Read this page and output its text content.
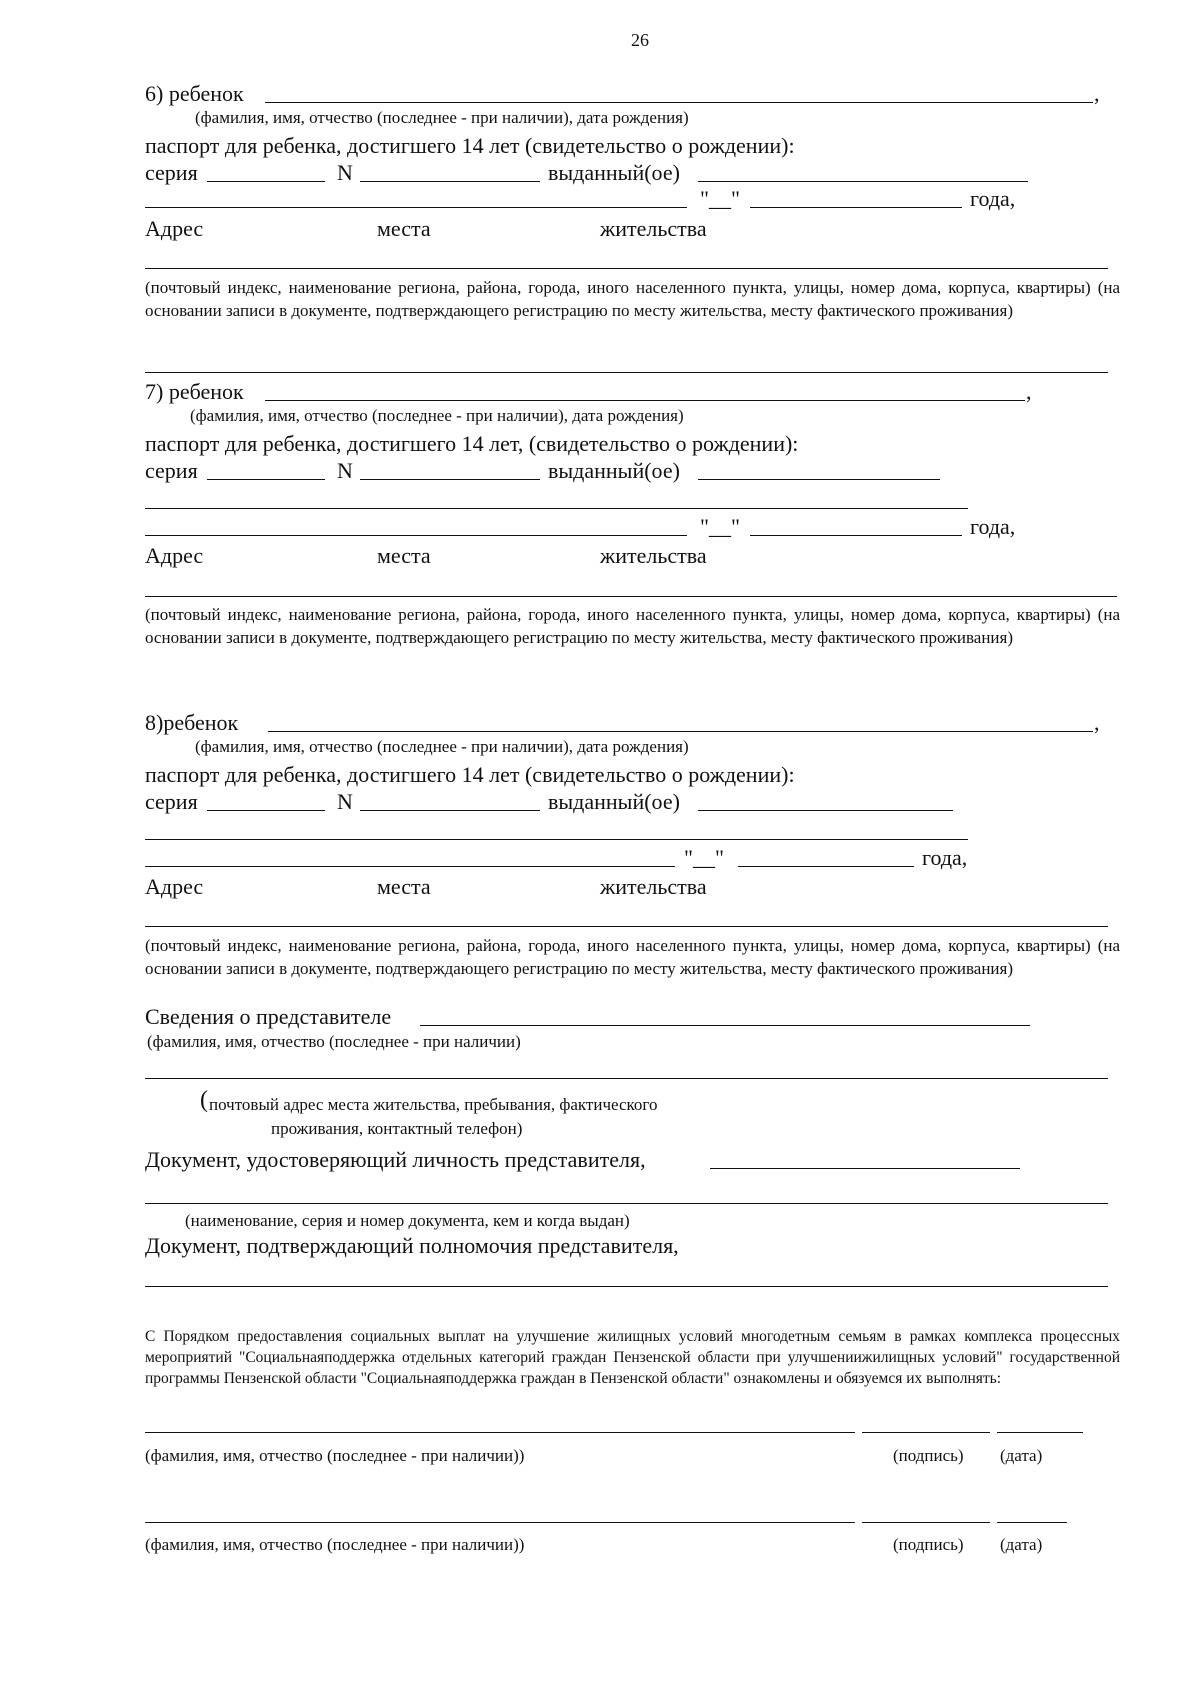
26
6) ребенок	,
(фамилия, имя, отчество (последнее - при наличии), дата рождения)
паспорт для ребенка, достигшего 14 лет (свидетельство о рождении):
серия	N	выданный(ое)
"__"	года,
Адрес	места	жительства
(почтовый индекс, наименование региона, района, города, иного населенного пункта, улицы, номер дома, корпуса, квартиры) (на основании записи в документе, подтверждающего регистрацию по месту жительства, месту фактического проживания)
7) ребенок	,
(фамилия, имя, отчество (последнее - при наличии), дата рождения)
паспорт для ребенка, достигшего 14 лет, (свидетельство о рождении):
серия	N	выданный(ое)
"__"	года,
Адрес	места	жительства
(почтовый индекс, наименование региона, района, города, иного населенного пункта, улицы, номер дома, корпуса, квартиры) (на основании записи в документе, подтверждающего регистрацию по месту жительства, месту фактического проживания)
8)ребенок	,
(фамилия, имя, отчество (последнее - при наличии), дата рождения)
паспорт для ребенка, достигшего 14 лет (свидетельство о рождении):
серия	N	выданный(ое)
"__"	года,
Адрес	места	жительства
(почтовый индекс, наименование региона, района, города, иного населенного пункта, улицы, номер дома, корпуса, квартиры) (на основании записи в документе, подтверждающего регистрацию по месту жительства, месту фактического проживания)
Сведения о представителе
(фамилия, имя, отчество (последнее - при наличии)
( почтовый адрес места жительства, пребывания, фактического
проживания, контактный телефон)
Документ, удостоверяющий личность представителя,
(наименование, серия и номер документа, кем и когда выдан)
Документ, подтверждающий полномочия представителя,
С Порядком предоставления социальных выплат на улучшение жилищных условий многодетным семьям в рамках комплекса процессных мероприятий "Социальнаяподдержка отдельных категорий граждан Пензенской области при улучшениижилищных условий" государственной программы Пензенской области "Социальнаяподдержка граждан в Пензенской области" ознакомлены и обязуемся их выполнять:
(фамилия, имя, отчество (последнее - при наличии))	(подпись) (дата)
(фамилия, имя, отчество (последнее - при наличии))	(подпись) (дата)
